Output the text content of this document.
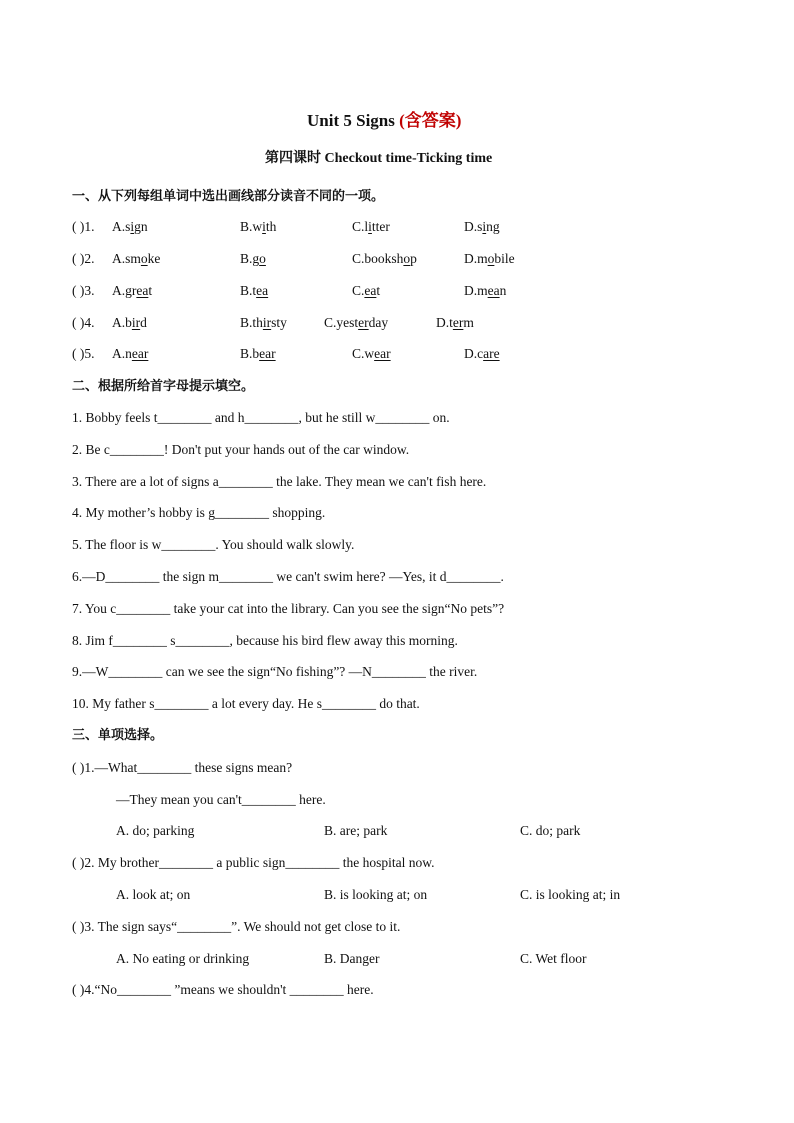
Unit 5 Signs (含答案)
第四课时 Checkout time-Ticking time
一、从下列每组单词中选出画线部分读音不同的一项。
( )1. A.sign	B.with	C.litter	D.sing
( )2. A.smoke	B.go	C.bookshop	D.mobile
( )3. A.great	B.tea	C.eat	D.mean
( )4. A.bird	B.thirsty	C.yesterday	D.term
( )5. A.near	B.bear	C.wear	D.care
二、根据所给首字母提示填空。
1. Bobby feels t________ and h________, but he still w________ on.
2. Be c________! Don't put your hands out of the car window.
3. There are a lot of signs a________ the lake. They mean we can't fish here.
4. My mother’s hobby is g________ shopping.
5. The floor is w________. You should walk slowly.
6.—D________ the sign m________ we can't swim here? —Yes, it d________.
7. You c________ take your cat into the library. Can you see the sign“No pets”?
8. Jim f________ s________, because his bird flew away this morning.
9.—W________ can we see the sign“No fishing”? —N________ the river.
10. My father s________ a lot every day. He s________ do that.
三、单项选择。
( )1.—What________ these signs mean?
—They mean you can't________ here.
A. do; parking	B. are; park	C. do; park
( )2. My brother________ a public sign________ the hospital now.
A. look at; on	B. is looking at; on	C. is looking at; in
( )3. The sign says“________”. We should not get close to it.
A. No eating or drinking	B. Danger	C. Wet floor
( )4.“No________ ”means we shouldn't ________ here.
